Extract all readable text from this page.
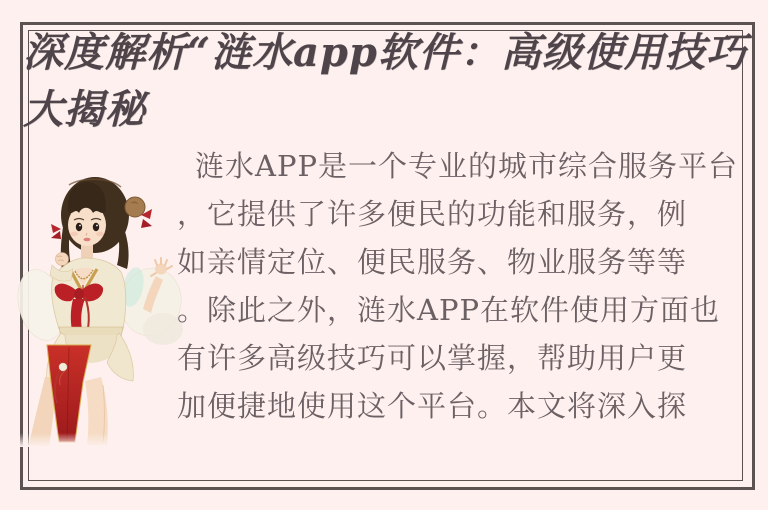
深度解析“涟水app软件：高级使用技巧
大揭秘
涟水APP是一个专业的城市综合服务平台
，它提供了许多便民的功能和服务，例
如亲情定位、便民服务、物业服务等等
。除此之外，涟水APP在软件使用方面也
有许多高级技巧可以掌握，帮助用户更
加便捷地使用这个平台。本文将深入探
